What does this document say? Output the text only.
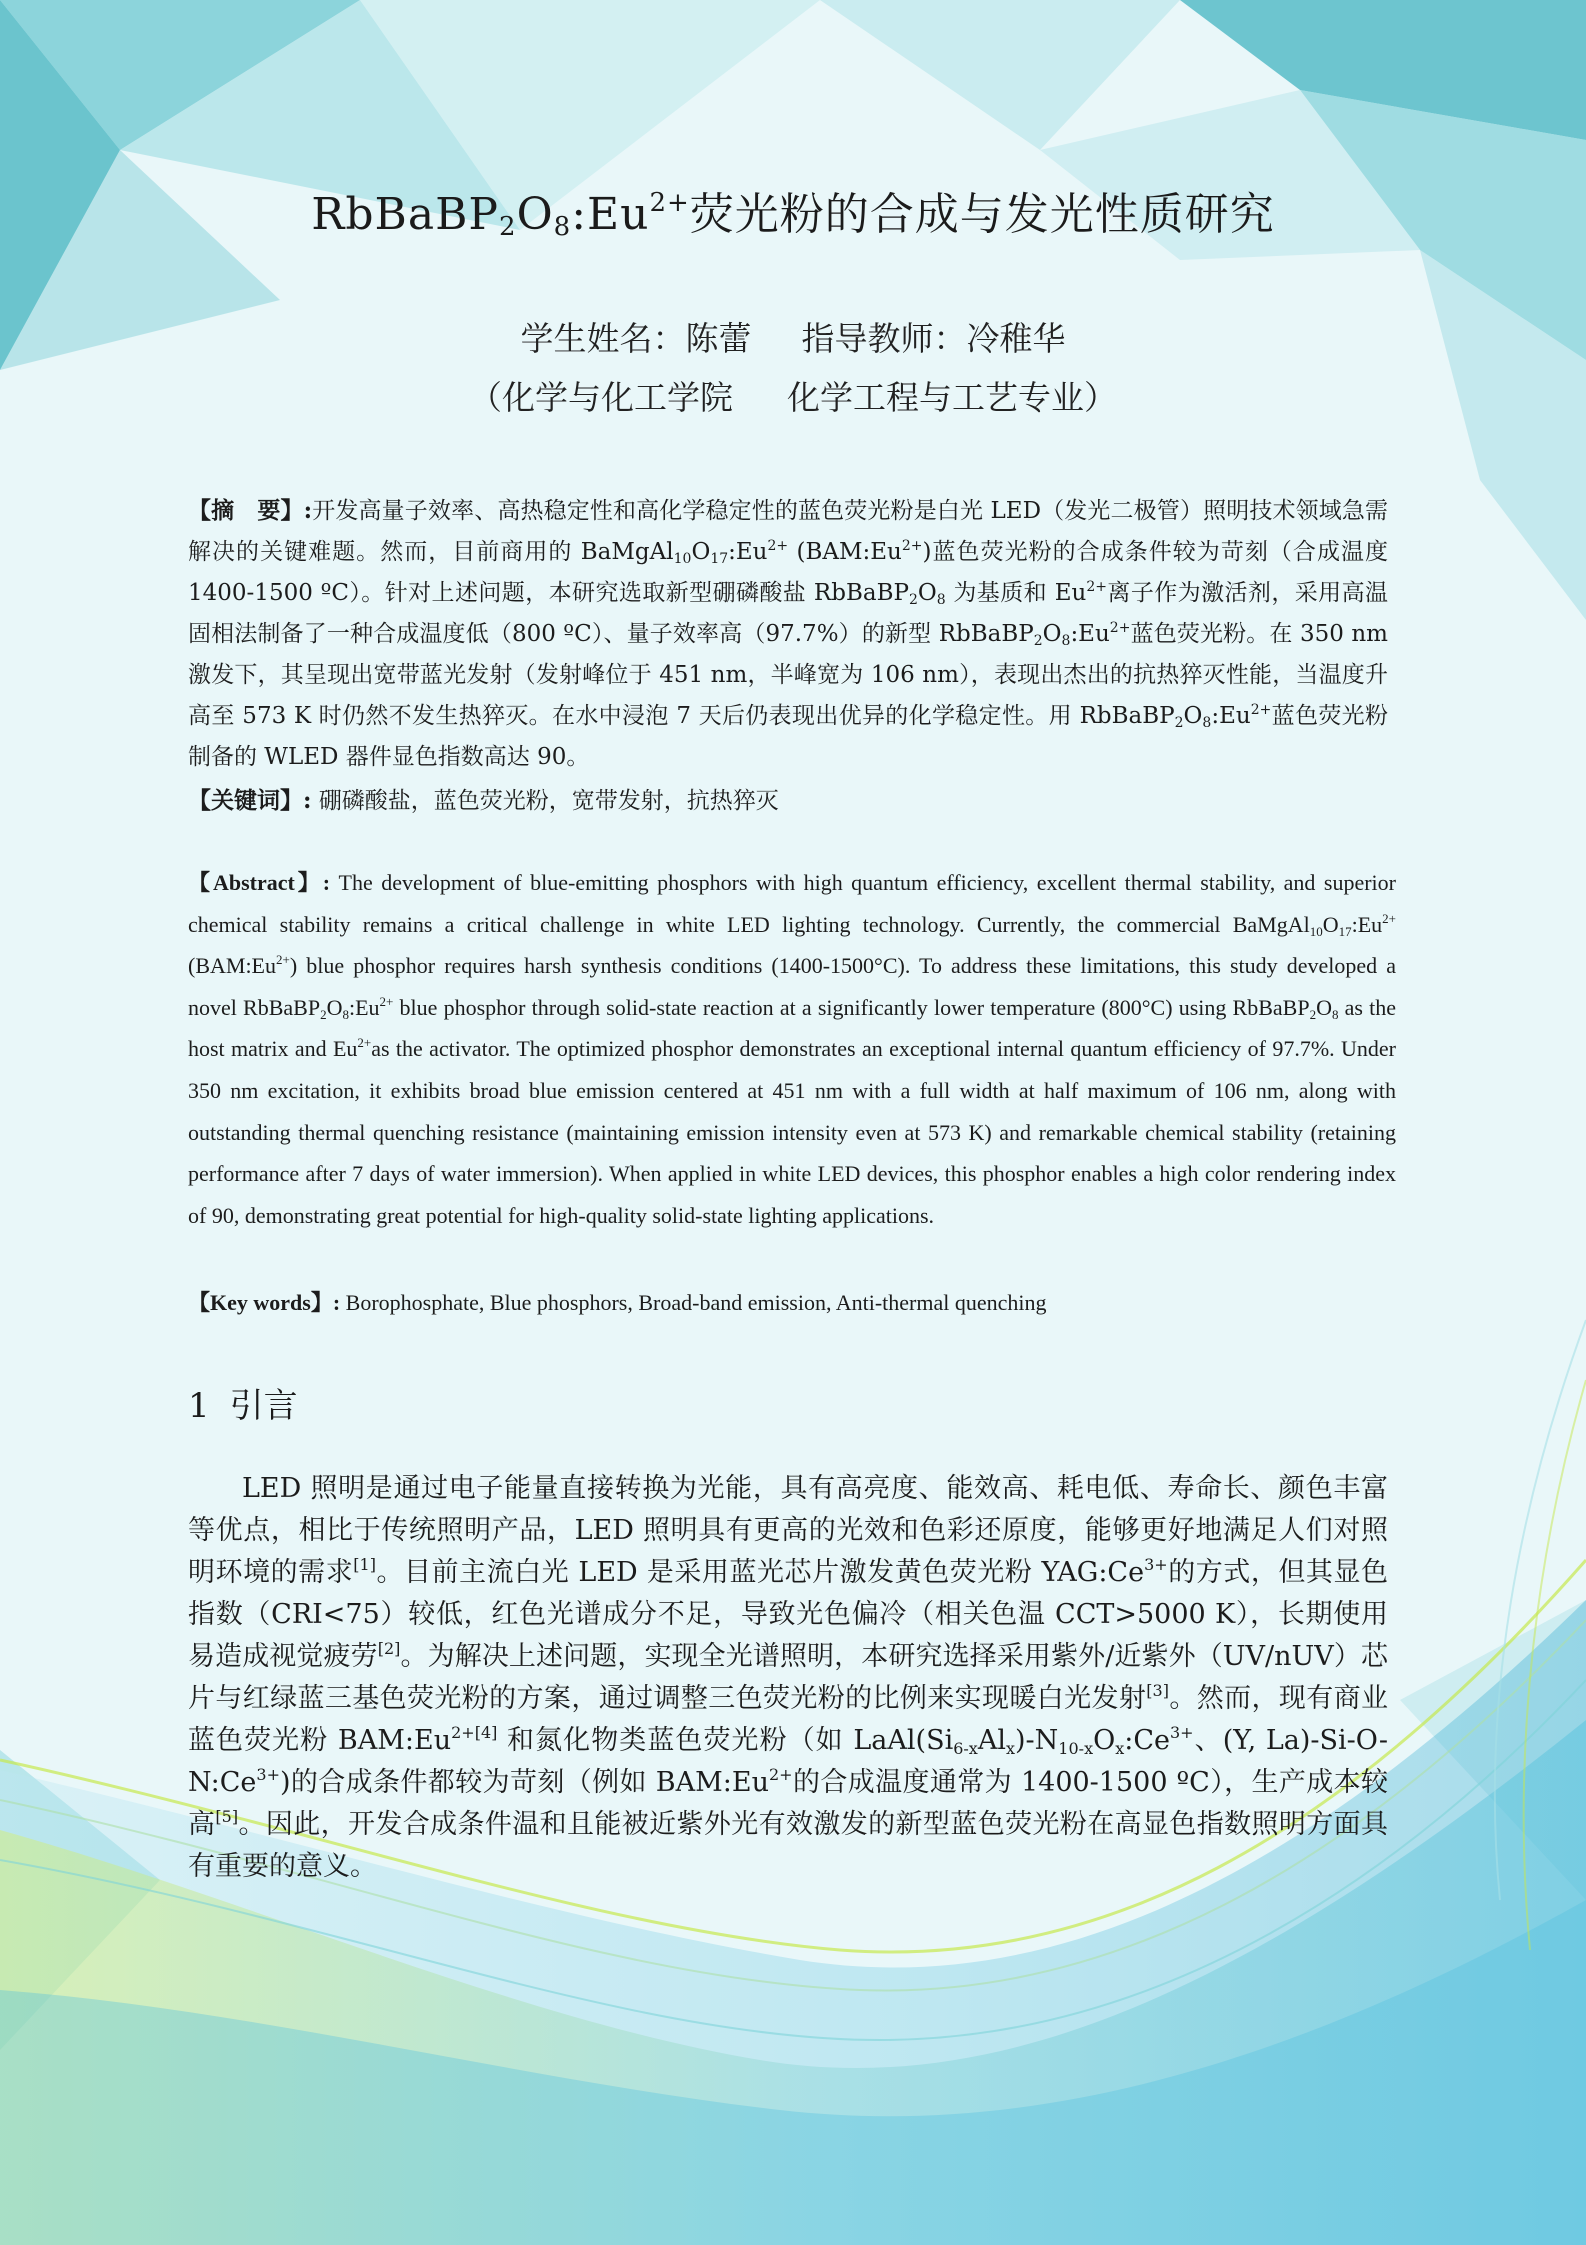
$RbBaBP_2O_8:Eu^{2+}$荧光粉的合成与发光性质研究
学生姓名：陈蕾 指导教师：冷稚华
（化学与化工学院 化学工程与工艺专业）
【摘　要】:开发高量子效率、高热稳定性和高化学稳定性的蓝色荧光粉是白光 LED（发光二极管）照明技术领域急需解决的关键难题。然而，目前商用的 $BaMgAl_{10}O_{17}:Eu^{2+}$ $(BAM:Eu^{2+})$蓝色荧光粉的合成条件较为苛刻（合成温度 1400-1500 ºC）。针对上述问题，本研究选取新型硼磷酸盐 $RbBaBP_2O_8$ 为基质和 $Eu^{2+}$离子作为激活剂，采用高温固相法制备了一种合成温度低（800 ºC）、量子效率高（97.7%）的新型 $RbBaBP_2O_8:Eu^{2+}$蓝色荧光粉。在 350 nm 激发下，其呈现出宽带蓝光发射（发射峰位于 451 nm，半峰宽为 106 nm），表现出杰出的抗热猝灭性能，当温度升高至 573 K 时仍然不发生热猝灭。在水中浸泡 7 天后仍表现出优异的化学稳定性。用 $RbBaBP_2O_8:Eu^{2+}$蓝色荧光粉制备的 WLED 器件显色指数高达 90。
【关键词】: 硼磷酸盐，蓝色荧光粉，宽带发射，抗热猝灭
【Abstract】: The development of blue-emitting phosphors with high quantum efficiency, excellent thermal stability, and superior chemical stability remains a critical challenge in white LED lighting technology. Currently, the commercial $BaMgAl_{10}O_{17}:Eu^{2+}$ $(BAM:Eu^{2+})$ blue phosphor requires harsh synthesis conditions (1400-1500°C). To address these limitations, this study developed a novel $RbBaBP_2O_8:Eu^{2+}$ blue phosphor through solid-state reaction at a significantly lower temperature (800°C) using $RbBaBP_2O_8$ as the host matrix and $Eu^{2+}as$ the activator. The optimized phosphor demonstrates an exceptional internal quantum efficiency of 97.7%. Under 350 nm excitation, it exhibits broad blue emission centered at 451 nm with a full width at half maximum of 106 nm, along with outstanding thermal quenching resistance (maintaining emission intensity even at 573 K) and remarkable chemical stability (retaining performance after 7 days of water immersion). When applied in white LED devices, this phosphor enables a high color rendering index of 90, demonstrating great potential for high-quality solid-state lighting applications.
【Key words】: Borophosphate, Blue phosphors, Broad-band emission, Anti-thermal quenching
1 引言
LED 照明是通过电子能量直接转换为光能，具有高亮度、能效高、耗电低、寿命长、颜色丰富等优点，相比于传统照明产品，LED 照明具有更高的光效和色彩还原度，能够更好地满足人们对照明环境的需求[1]。目前主流白光 LED 是采用蓝光芯片激发黄色荧光粉 $YAG:Ce^{3+}$的方式，但其显色指数（CRI<75）较低，红色光谱成分不足，导致光色偏冷（相关色温 CCT>5000 K），长期使用易造成视觉疲劳[2]。为解决上述问题，实现全光谱照明，本研究选择采用紫外/近紫外（UV/nUV）芯片与红绿蓝三基色荧光粉的方案，通过调整三色荧光粉的比例来实现暖白光发射[3]。然而，现有商业蓝色荧光粉 $BAM:Eu^{2+[4]}$ 和氮化物类蓝色荧光粉（如 $LaAl(Si_{6-x}Al_x)-N_{10-x}O_x:Ce^{3+}$、(Y, $La)-Si-O-N:Ce^{3+}$)的合成条件都较为苛刻（例如 $BAM:Eu^{2+}$的合成温度通常为 1400-1500 ºC），生产成本较高[5]。因此，开发合成条件温和且能被近紫外光有效激发的新型蓝色荧光粉在高显色指数照明方面具有重要的意义。
